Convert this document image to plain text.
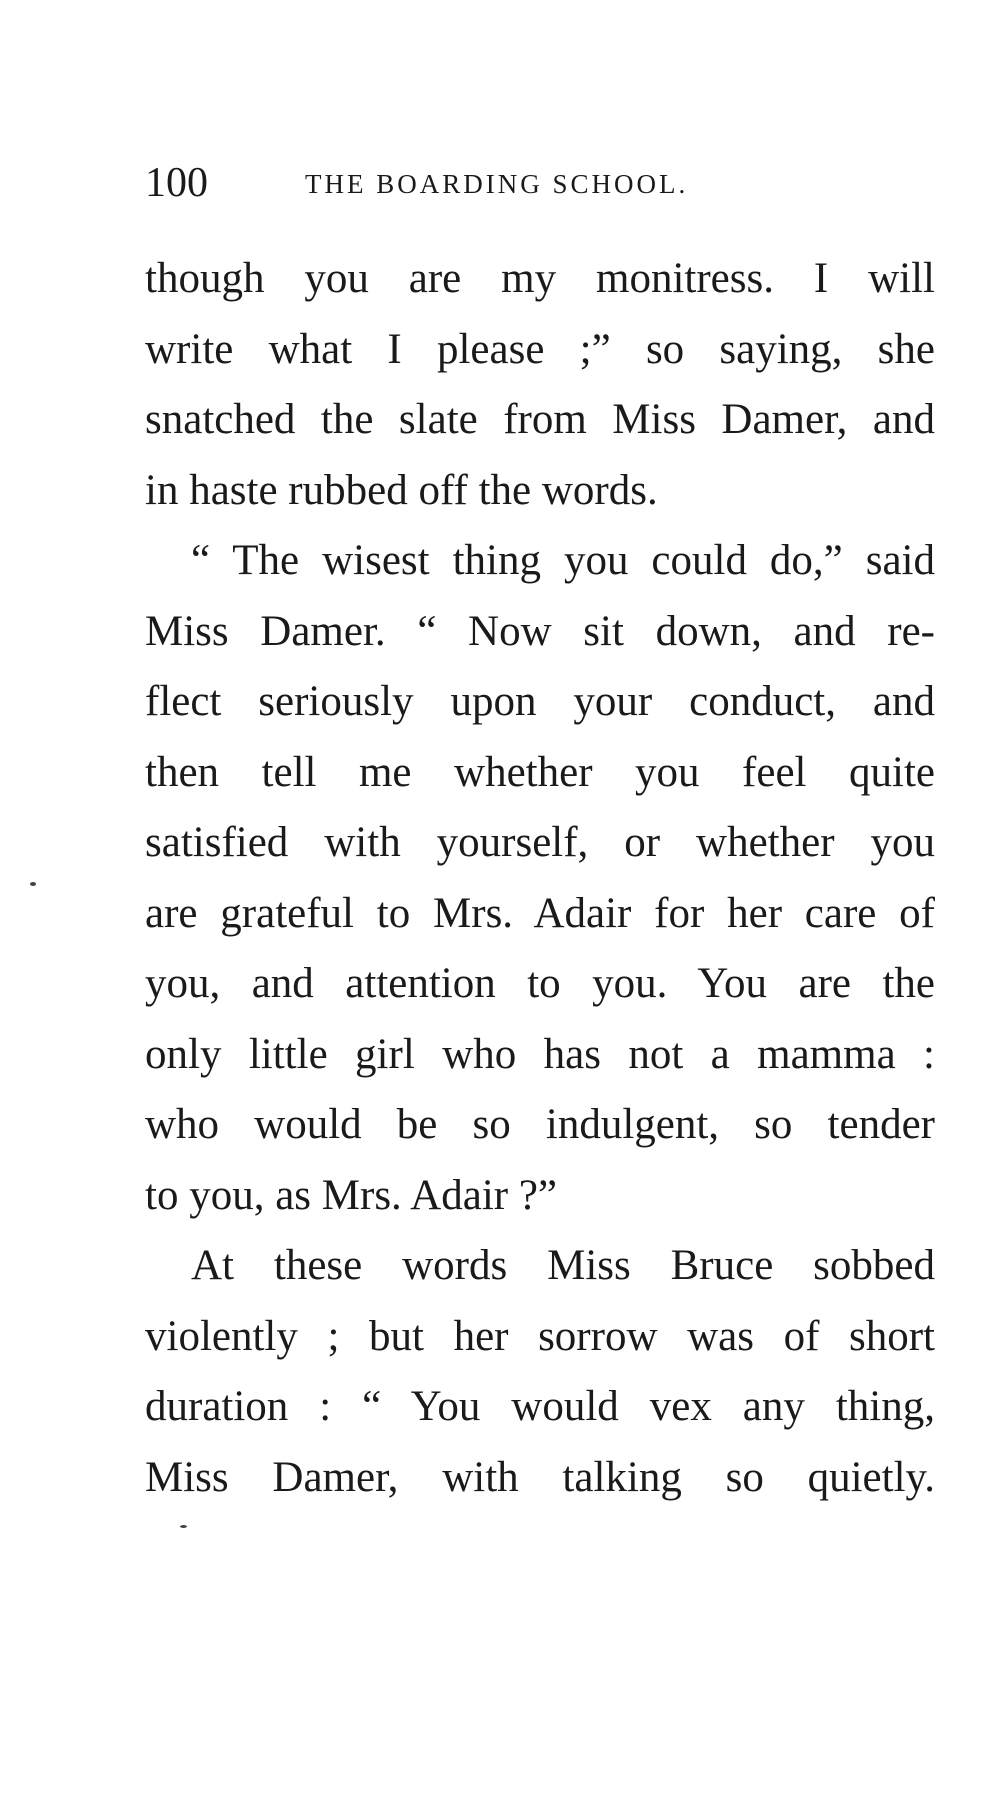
100	THE BOARDING SCHOOL.
though you are my monitress. I will
write what I please ;” so saying, she
snatched the slate from Miss Damer, and
in haste rubbed off the words.
“ The wisest thing you could do,” said
Miss Damer. “ Now sit down, and re-
flect seriously upon your conduct, and
then tell me whether you feel quite
satisfied with yourself, or whether you
are grateful to Mrs. Adair for her care of
you, and attention to you. You are the
only little girl who has not a mamma :
who would be so indulgent, so tender
to you, as Mrs. Adair ?”
At these words Miss Bruce sobbed
violently ; but her sorrow was of short
duration : “ You would vex any thing,
Miss Damer, with talking so quietly.
